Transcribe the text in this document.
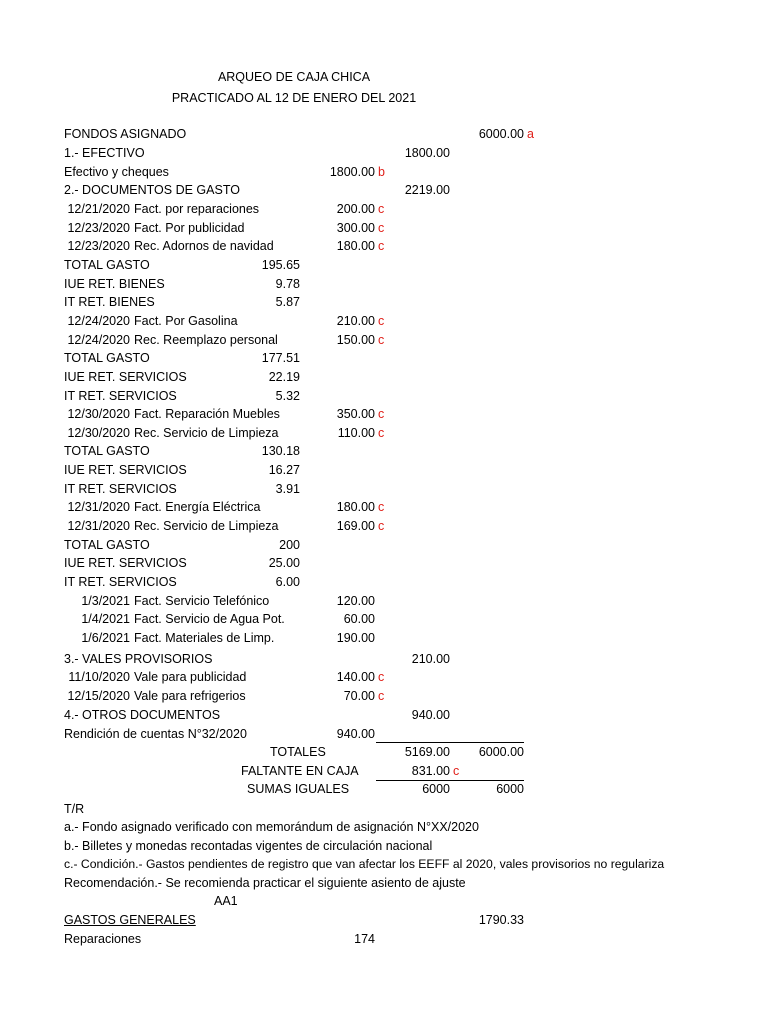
ARQUEO DE CAJA CHICA
PRACTICADO AL 12 DE ENERO DEL 2021
FONDOS ASIGNADO	6000.00 a
1.- EFECTIVO	1800.00
Efectivo y cheques	1800.00 b
2.- DOCUMENTOS DE GASTO	2219.00
12/21/2020 Fact. por reparaciones	200.00 c
12/23/2020 Fact. Por publicidad	300.00 c
12/23/2020 Rec. Adornos de navidad	180.00 c
TOTAL GASTO	195.65
IUE RET. BIENES	9.78
IT RET. BIENES	5.87
12/24/2020 Fact. Por Gasolina	210.00 c
12/24/2020 Rec. Reemplazo personal	150.00 c
TOTAL GASTO	177.51
IUE RET. SERVICIOS	22.19
IT RET. SERVICIOS	5.32
12/30/2020 Fact. Reparación Muebles	350.00 c
12/30/2020 Rec. Servicio de Limpieza	110.00 c
TOTAL GASTO	130.18
IUE RET. SERVICIOS	16.27
IT RET. SERVICIOS	3.91
12/31/2020 Fact. Energía Eléctrica	180.00 c
12/31/2020 Rec. Servicio de Limpieza	169.00 c
TOTAL GASTO	200
IUE RET. SERVICIOS	25.00
IT RET. SERVICIOS	6.00
1/3/2021 Fact. Servicio Telefónico	120.00
1/4/2021 Fact. Servicio de Agua Pot.	60.00
1/6/2021 Fact. Materiales de Limp.	190.00
3.- VALES PROVISORIOS	210.00
11/10/2020 Vale para publicidad	140.00 c
12/15/2020 Vale para refrigerios	70.00 c
4.- OTROS DOCUMENTOS	940.00
Rendición de cuentas N°32/2020	940.00
TOTALES	5169.00	6000.00
FALTANTE EN CAJA	831.00 c
SUMAS IGUALES	6000	6000
T/R
a.- Fondo asignado verificado con memorándum de asignación N°XX/2020
b.- Billetes y monedas recontadas vigentes de circulación nacional
c.- Condición.- Gastos pendientes de registro que van afectar los EEFF al 2020, vales provisorios no regulariza
Recomendación.- Se recomienda practicar el siguiente asiento de ajuste
AA1
GASTOS GENERALES	1790.33
Reparaciones	174
